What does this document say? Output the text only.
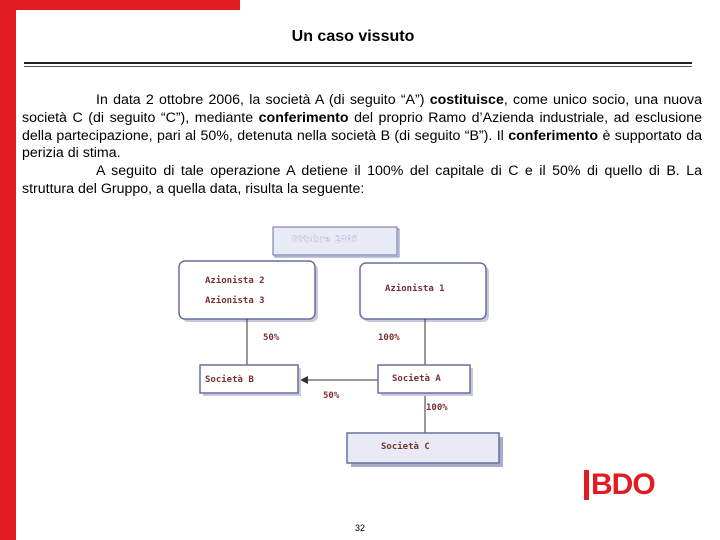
Un caso vissuto

In data 2 ottobre 2006, la società A (di seguito “A”) costituisce, come unico socio, una nuova società C (di seguito “C”), mediante conferimento del proprio Ramo d’Azienda industriale, ad esclusione della partecipazione, pari al 50%, detenuta nella società B (di seguito “B”). Il conferimento è supportato da perizia di stima.

A seguito di tale operazione A detiene il 100% del capitale di C e il 50% di quello di B. La struttura del Gruppo, a quella data, risulta la seguente:

Ottobre 2006
Azionista 2
Azionista 3
Azionista 1
50%	100%
50%
100%
Società B	Società A
Società C
BDO
32
